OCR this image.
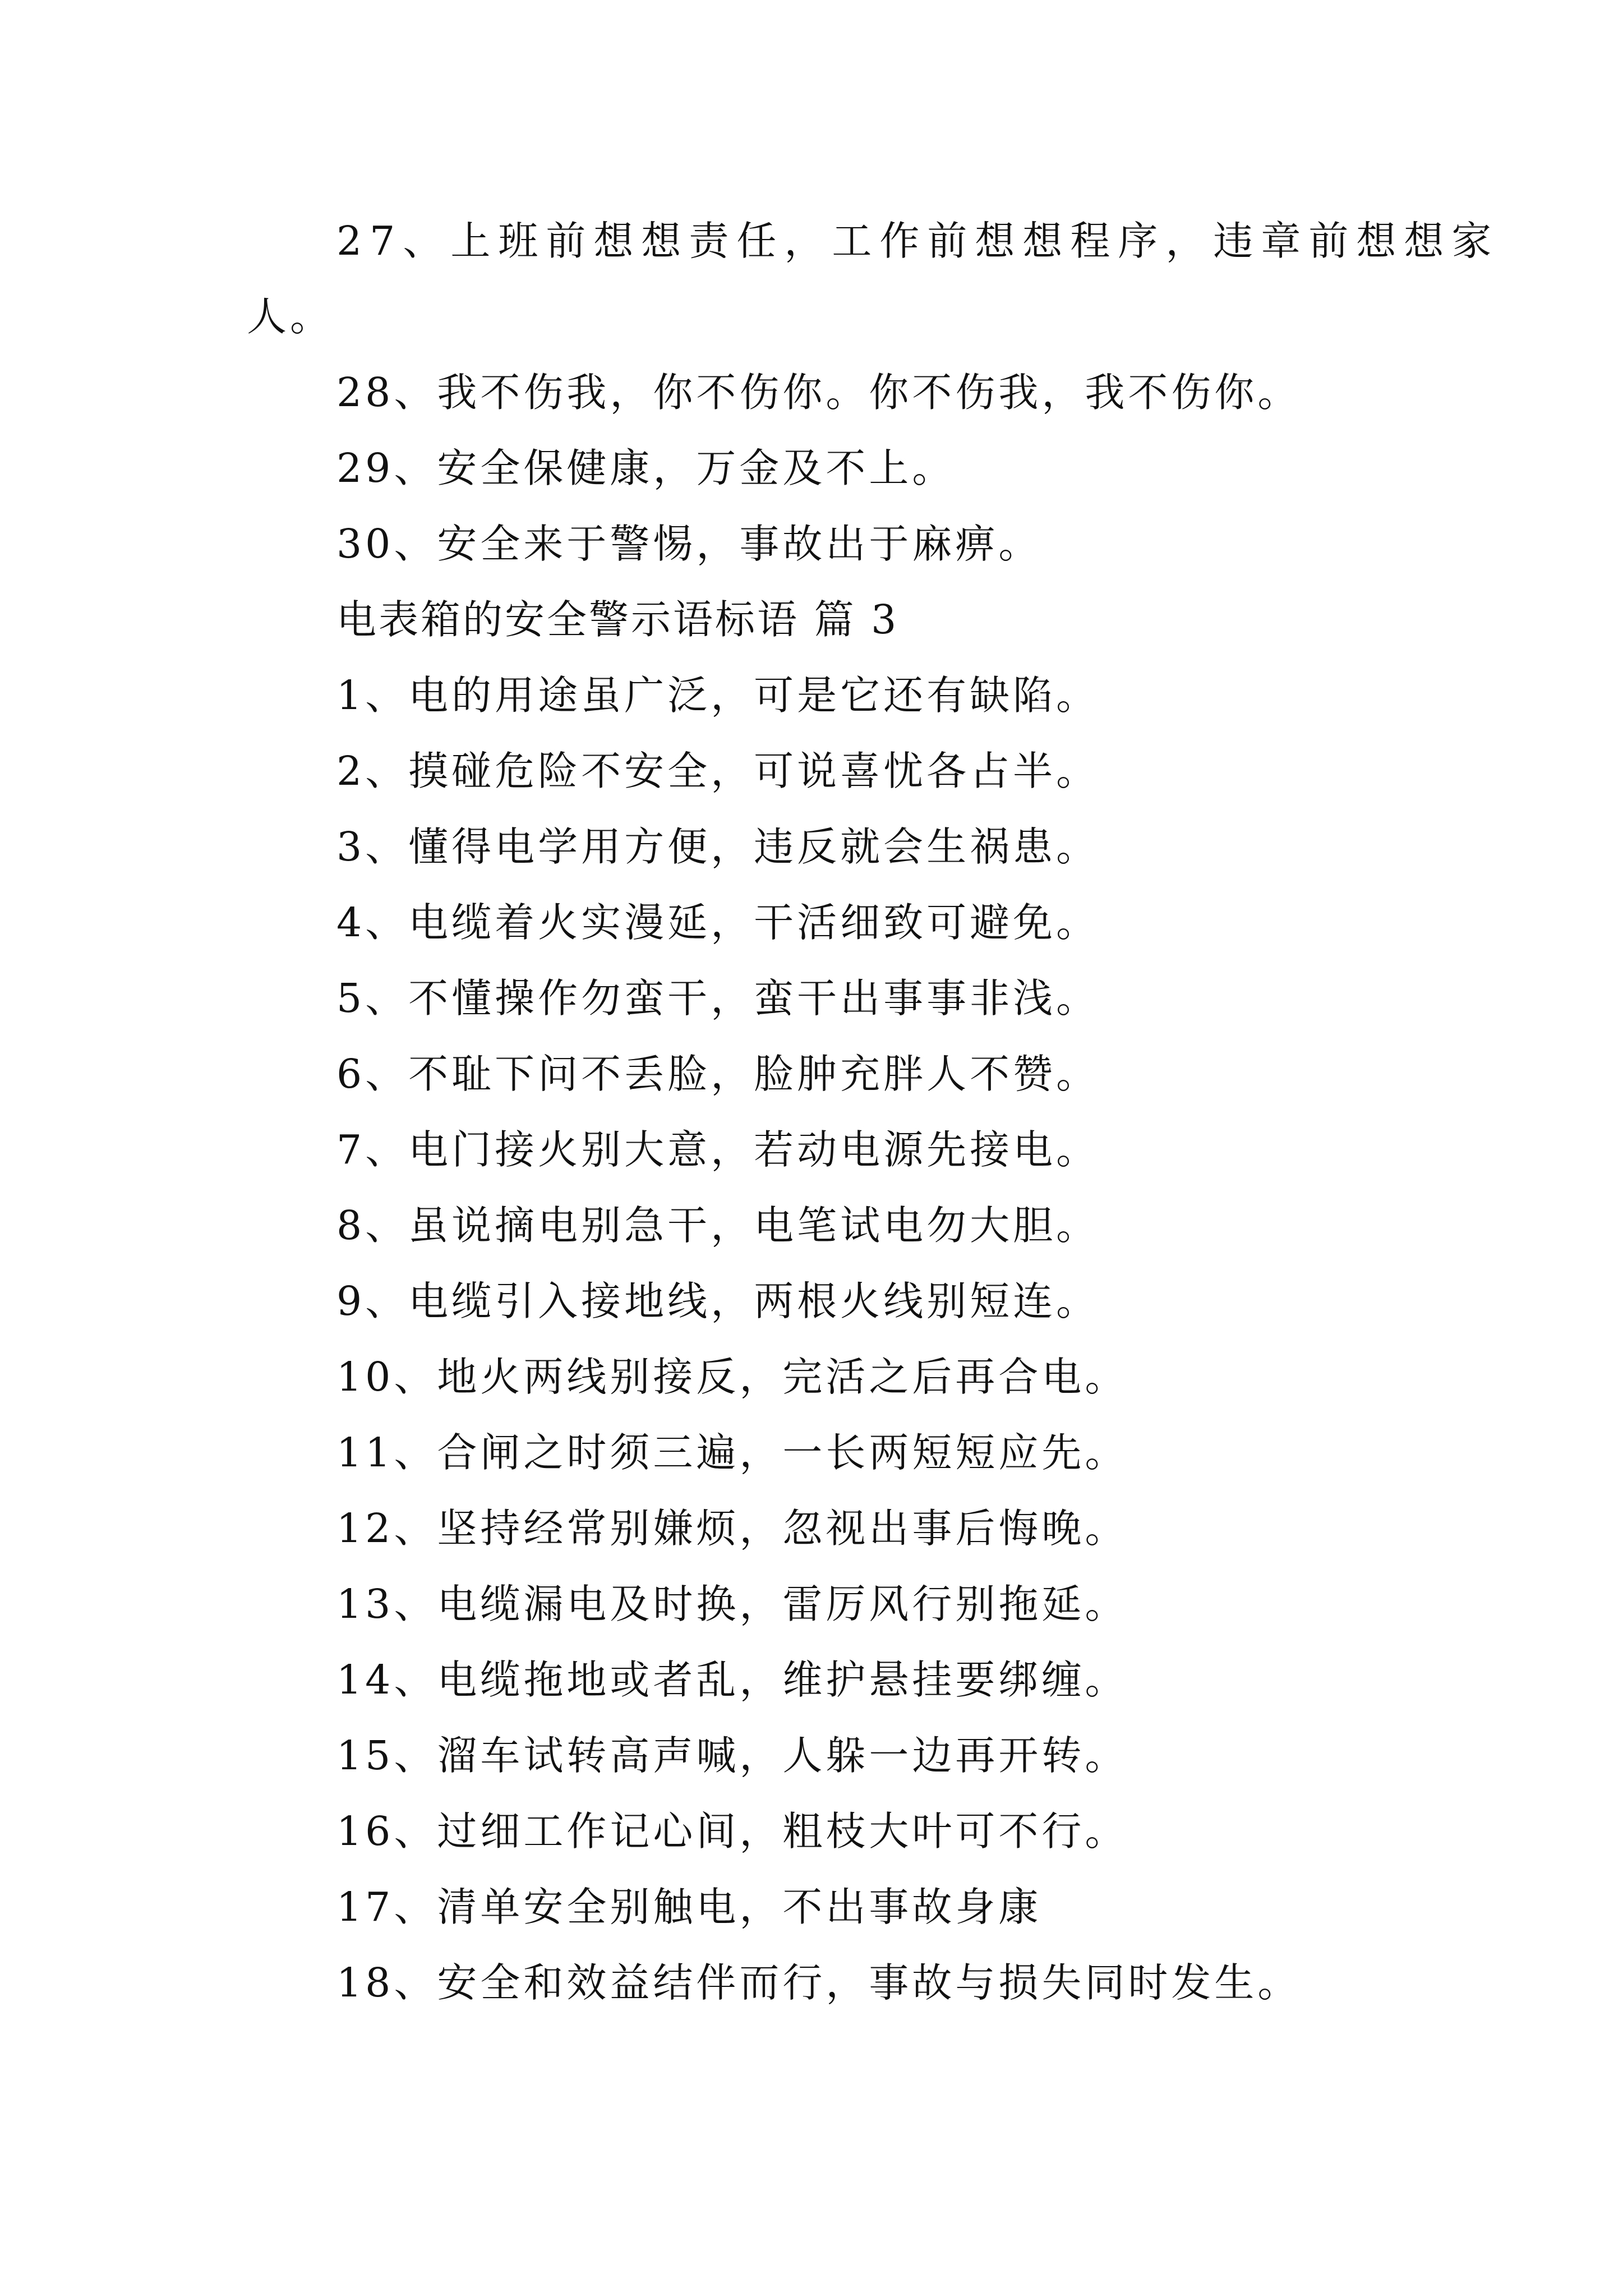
27、上班前想想责任，工作前想想程序，违章前想想家
人。
28、我不伤我，你不伤你。你不伤我，我不伤你。
29、安全保健康，万金及不上。
30、安全来于警惕，事故出于麻痹。
电表箱的安全警示语标语 篇 3
1、电的用途虽广泛，可是它还有缺陷。
2、摸碰危险不安全，可说喜忧各占半。
3、懂得电学用方便，违反就会生祸患。
4、电缆着火实漫延，干活细致可避免。
5、不懂操作勿蛮干，蛮干出事事非浅。
6、不耻下问不丢脸，脸肿充胖人不赞。
7、电门接火别大意，若动电源先接电。
8、虽说摘电别急干，电笔试电勿大胆。
9、电缆引入接地线，两根火线别短连。
10、地火两线别接反，完活之后再合电。
11、合闸之时须三遍，一长两短短应先。
12、坚持经常别嫌烦，忽视出事后悔晚。
13、电缆漏电及时换，雷厉风行别拖延。
14、电缆拖地或者乱，维护悬挂要绑缠。
15、溜车试转高声喊，人躲一边再开转。
16、过细工作记心间，粗枝大叶可不行。
17、清单安全别触电，不出事故身康
18、安全和效益结伴而行，事故与损失同时发生。
